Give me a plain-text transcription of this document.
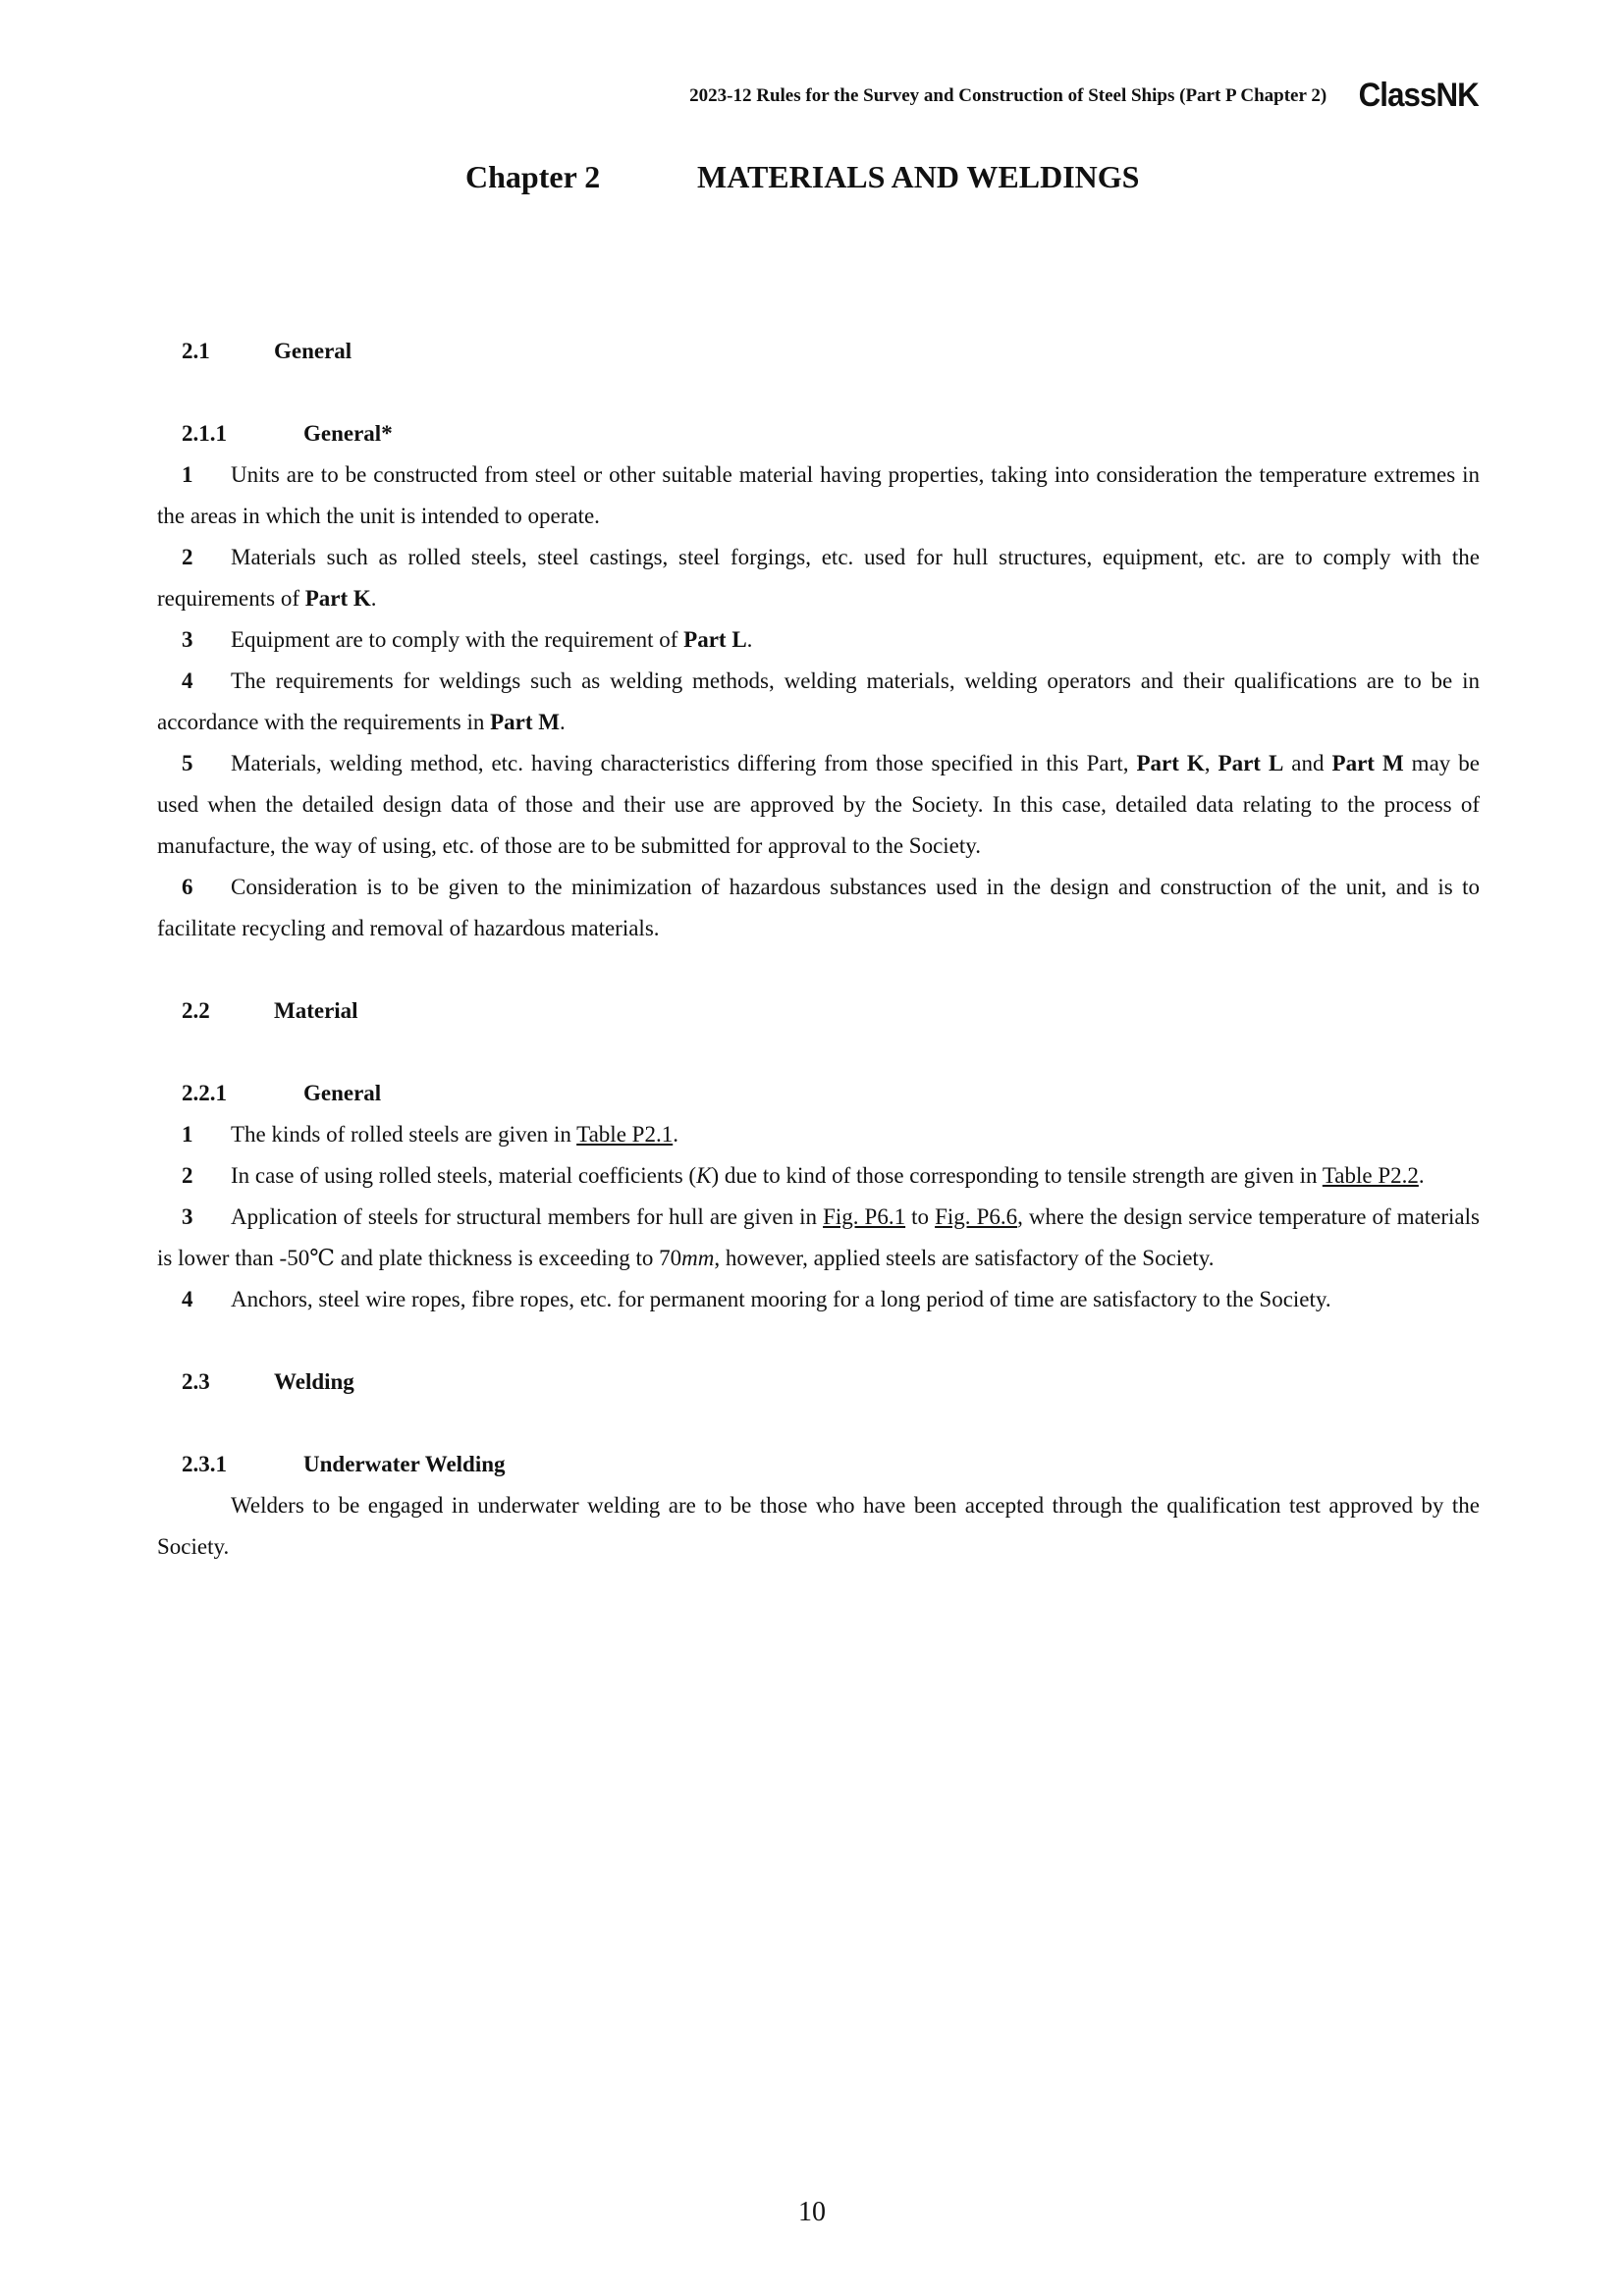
2023-12 Rules for the Survey and Construction of Steel Ships (Part P Chapter 2) ClassNK
Chapter 2	MATERIALS AND WELDINGS
2.1	General
2.1.1	General*

1 Units are to be constructed from steel or other suitable material having properties, taking into consideration the temperature extremes in the areas in which the unit is intended to operate.

2 Materials such as rolled steels, steel castings, steel forgings, etc. used for hull structures, equipment, etc. are to comply with the requirements of Part K.

3 Equipment are to comply with the requirement of Part L.

4 The requirements for weldings such as welding methods, welding materials, welding operators and their qualifications are to be in accordance with the requirements in Part M.

5 Materials, welding method, etc. having characteristics differing from those specified in this Part, Part K, Part L and Part M may be used when the detailed design data of those and their use are approved by the Society. In this case, detailed data relating to the process of manufacture, the way of using, etc. of those are to be submitted for approval to the Society.

6 Consideration is to be given to the minimization of hazardous substances used in the design and construction of the unit, and is to facilitate recycling and removal of hazardous materials.

2.2	Material
2.2.1	General

1 The kinds of rolled steels are given in Table P2.1.

2 In case of using rolled steels, material coefficients (K) due to kind of those corresponding to tensile strength are given in Table P2.2.

3 Application of steels for structural members for hull are given in Fig. P6.1 to Fig. P6.6, where the design service temperature of materials is lower than -50℃ and plate thickness is exceeding to 70mm, however, applied steels are satisfactory of the Society.

4 Anchors, steel wire ropes, fibre ropes, etc. for permanent mooring for a long period of time are satisfactory to the Society.

2.3	Welding
2.3.1	Underwater Welding

Welders to be engaged in underwater welding are to be those who have been accepted through the qualification test approved by the Society.

10
